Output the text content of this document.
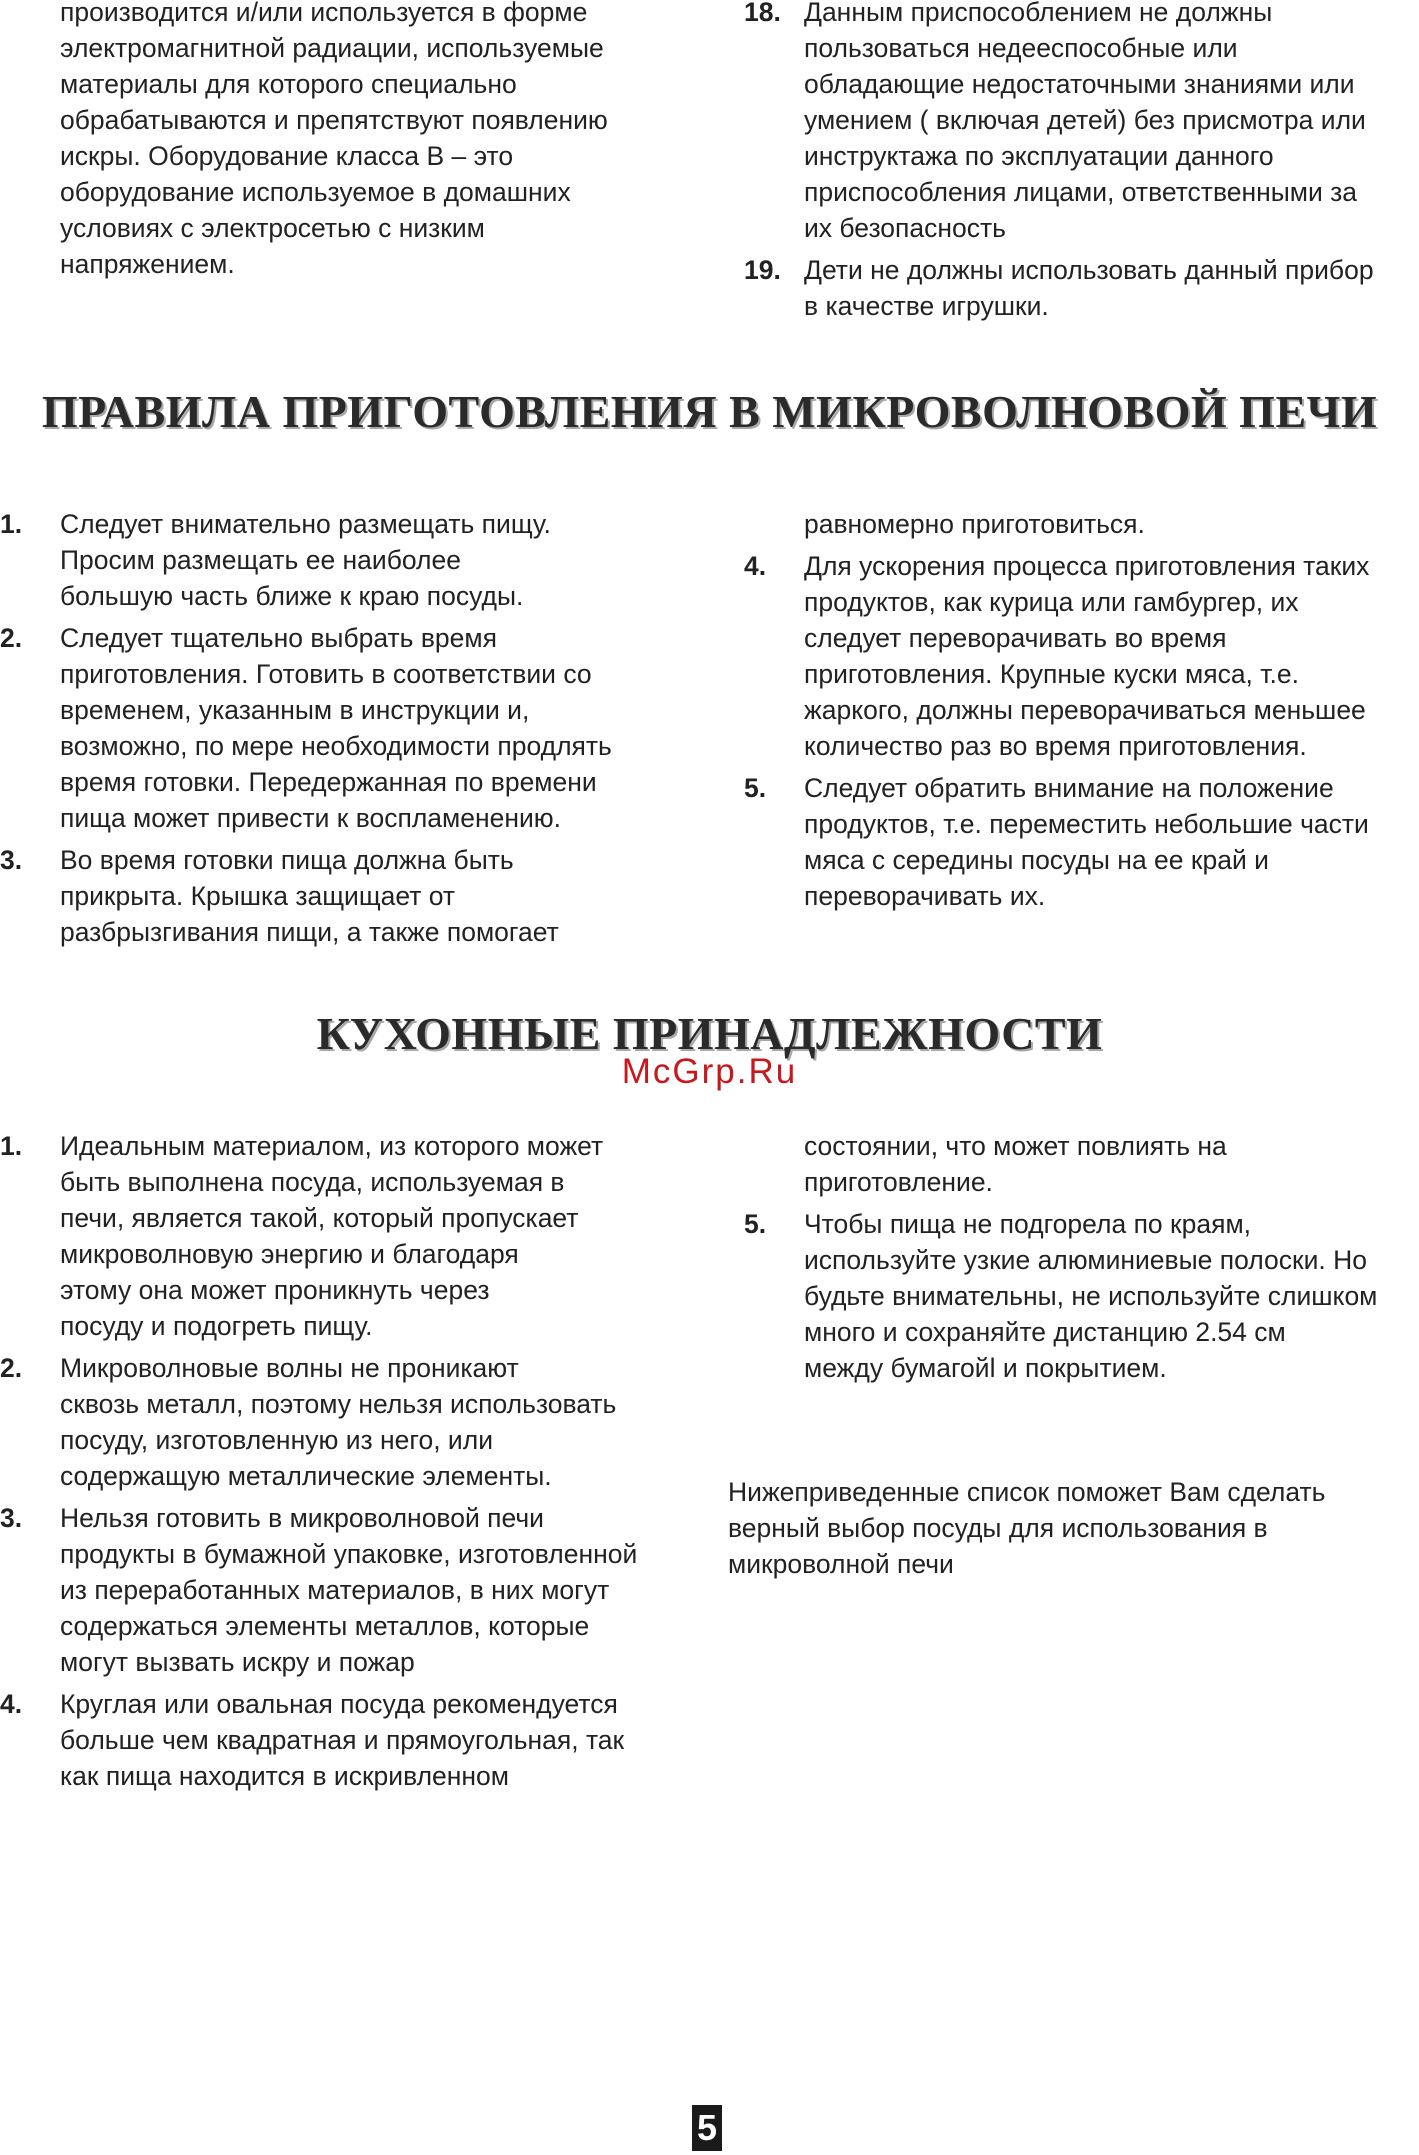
производится и/или используется в форме
электромагнитной радиации, используемые
материалы для которого специально
обрабатываются и препятствуют появлению
искры. Оборудование класса В – это
оборудование используемое в домашних
условиях с электросетью с низким
напряжением.
18. Данным приспособлением не должны
пользоваться недееспособные или
обладающие недостаточными знаниями или
умением ( включая детей) без присмотра или
инструктажа по эксплуатации данного
приспособления лицами, ответственными за
их безопасность
19. Дети не должны использовать данный прибор
в качестве игрушки.
ПРАВИЛА ПРИГОТОВЛЕНИЯ В МИКРОВОЛНОВОЙ ПЕЧИ
1.	Следует внимательно размещать пищу.
Просим размещать ее наиболее
большую часть ближе к краю посуды.
2.	Следует тщательно выбрать время
приготовления. Готовить в соответствии со
временем, указанным в инструкции и,
возможно, по мере необходимости продлять
время готовки. Передержанная по времени
пища может привести к воспламенению.
3.	Во время готовки пища должна быть
прикрыта. Крышка защищает от
разбрызгивания пищи, а также помогает
равномерно приготовиться.
4.	Для ускорения процесса приготовления таких
продуктов, как курица или гамбургер, их
следует переворачивать во время
приготовления. Крупные куски мяса, т.е.
жаркого, должны переворачиваться меньшее
количество раз во время приготовления.
5.	Следует обратить внимание на положение
продуктов, т.е. переместить небольшие части
мяса с середины посуды на ее край и
переворачивать их.
КУХОННЫЕ ПРИНАДЛЕЖНОСТИ
McGrp.Ru
1.	Идеальным материалом, из которого может
быть выполнена посуда, используемая в
печи, является такой, который пропускает
микроволновую энергию и благодаря
этому она может проникнуть через
посуду и подогреть пищу.
2.	Микроволновые волны не проникают
сквозь металл, поэтому нельзя использовать
посуду, изготовленную из него, или
содержащую металлические элементы.
3.	Нельзя готовить в микроволновой печи
продукты в бумажной упаковке, изготовленной
из переработанных материалов, в них могут
содержаться элементы металлов, которые
могут вызвать искру и пожар
4.	Круглая или овальная посуда рекомендуется
больше чем квадратная и прямоугольная, так
как пища находится в искривленном
состоянии, что может повлиять на
приготовление.
5.	Чтобы пища не подгорела по краям,
используйте узкие алюминиевые полоски. Но
будьте внимательны, не используйте слишком
много и сохраняйте дистанцию 2.54 см
между бумагойl и покрытием.

Нижеприведенные список поможет Вам сделать
верный выбор посуды для использования в
микроволной печи

5
